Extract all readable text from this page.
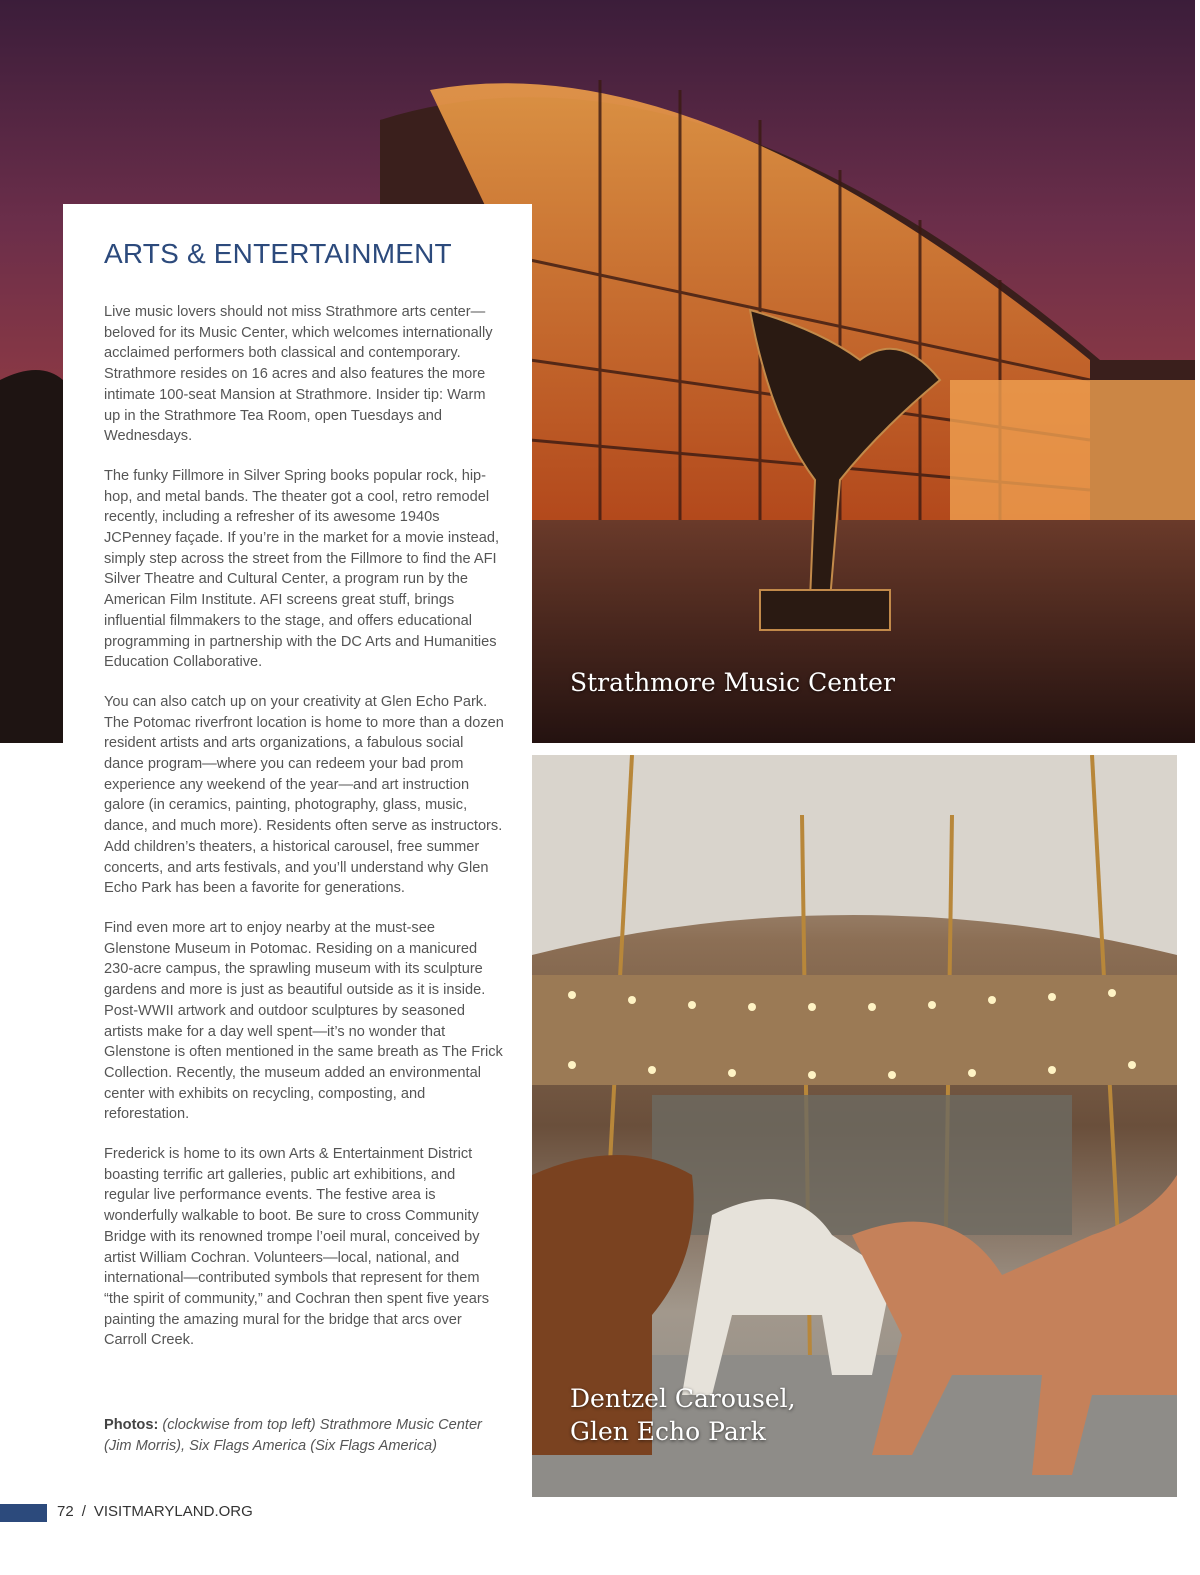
Strathmore Music Center
Dentzel Carousel,
Glen Echo Park
ARTS & ENTERTAINMENT

Live music lovers should not miss Strathmore arts center—beloved for its Music Center, which welcomes internationally acclaimed performers both classical and contemporary. Strathmore resides on 16 acres and also features the more intimate 100-seat Mansion at Strathmore. Insider tip: Warm up in the Strathmore Tea Room, open Tuesdays and Wednesdays.

The funky Fillmore in Silver Spring books popular rock, hip-hop, and metal bands. The theater got a cool, retro remodel recently, including a refresher of its awesome 1940s JCPenney façade. If you’re in the market for a movie instead, simply step across the street from the Fillmore to find the AFI Silver Theatre and Cultural Center, a program run by the American Film Institute. AFI screens great stuff, brings influential filmmakers to the stage, and offers educational programming in partnership with the DC Arts and Humanities Education Collaborative.

You can also catch up on your creativity at Glen Echo Park. The Potomac riverfront location is home to more than a dozen resident artists and arts organizations, a fabulous social dance program—where you can redeem your bad prom experience any weekend of the year—and art instruction galore (in ceramics, painting, photography, glass, music, dance, and much more). Residents often serve as instructors. Add children’s theaters, a historical carousel, free summer concerts, and arts festivals, and you’ll understand why Glen Echo Park has been a favorite for generations.

Find even more art to enjoy nearby at the must-see Glenstone Museum in Potomac. Residing on a manicured 230-acre campus, the sprawling museum with its sculpture gardens and more is just as beautiful outside as it is inside. Post-WWII artwork and outdoor sculptures by seasoned artists make for a day well spent—it’s no wonder that Glenstone is often mentioned in the same breath as The Frick Collection. Recently, the museum added an environmental center with exhibits on recycling, composting, and reforestation.

Frederick is home to its own Arts & Entertainment District boasting terrific art galleries, public art exhibitions, and regular live performance events. The festive area is wonderfully walkable to boot. Be sure to cross Community Bridge with its renowned trompe l’oeil mural, conceived by artist William Cochran. Volunteers—local, national, and international—contributed symbols that represent for them “the spirit of community,” and Cochran then spent five years painting the amazing mural for the bridge that arcs over Carroll Creek.

Photos: (clockwise from top left) Strathmore Music Center (Jim Morris), Six Flags America (Six Flags America)
72 / VISITMARYLAND.ORG
